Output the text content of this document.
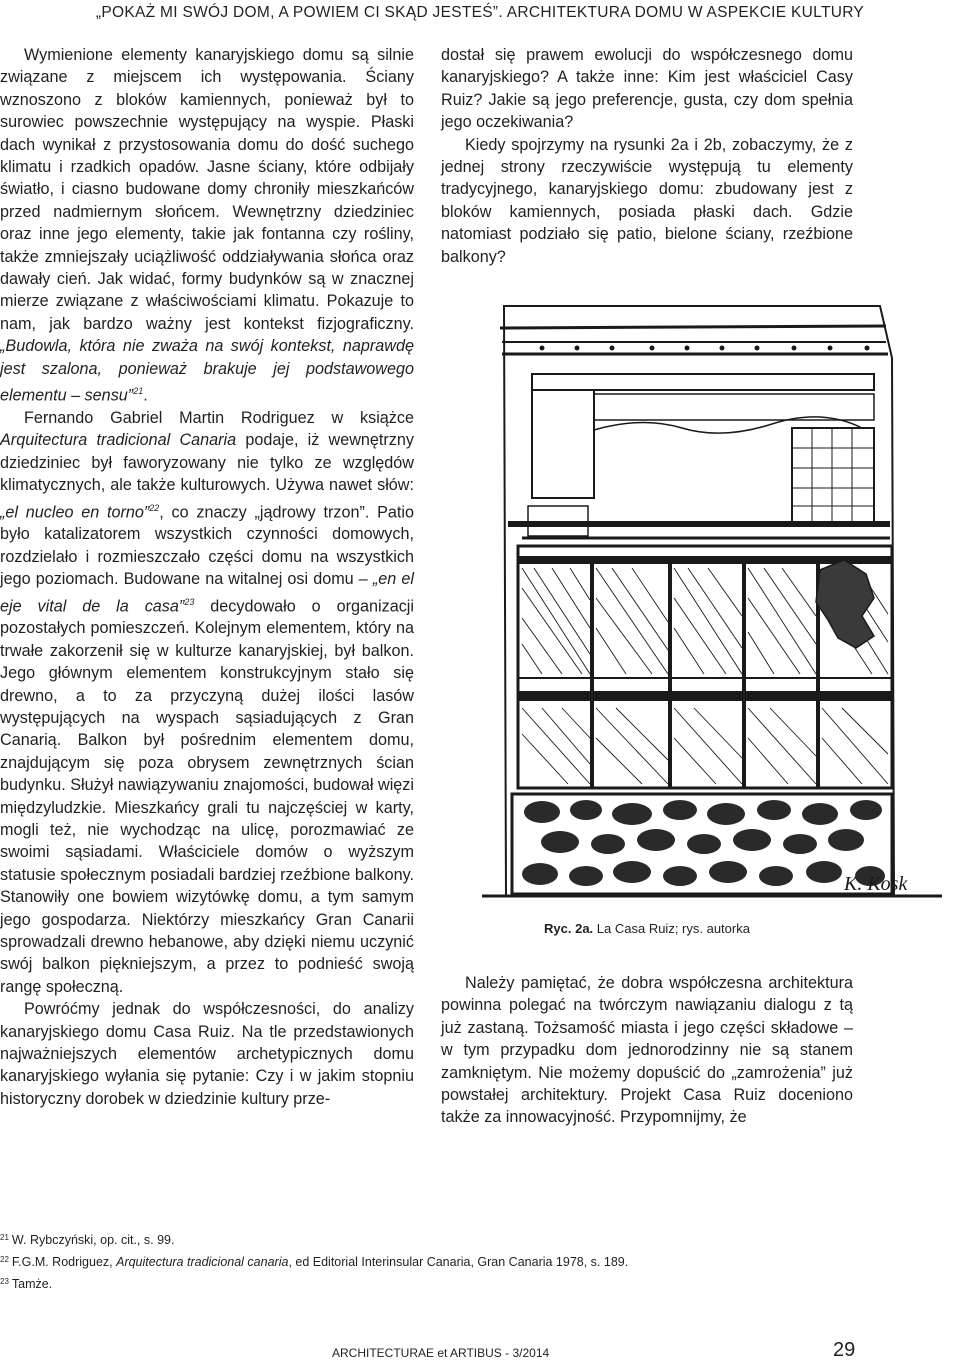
„POKAŻ MI SWÓJ DOM, A POWIEM CI SKĄD JESTEŚ”. ARCHITEKTURA DOMU W ASPEKCIE KULTURY

Wymienione elementy kanaryjskiego domu są silnie związane z miejscem ich występowania. Ściany wznoszono z bloków kamiennych, ponieważ był to surowiec powszechnie występujący na wyspie. Płaski dach wynikał z przystosowania domu do dość suchego klimatu i rzadkich opadów. Jasne ściany, które odbijały światło, i ciasno budowane domy chroniły mieszkańców przed nadmiernym słońcem. Wewnętrzny dziedziniec oraz inne jego elementy, takie jak fontanna czy rośliny, także zmniejszały uciążliwość oddziaływania słońca oraz dawały cień. Jak widać, formy budynków są w znacznej mierze związane z właściwościami klimatu. Pokazuje to nam, jak bardzo ważny jest kontekst fizjograficzny. „Budowla, która nie zważa na swój kontekst, naprawdę jest szalona, ponieważ brakuje jej podstawowego elementu – sensu”$^{21}$.

Fernando Gabriel Martin Rodriguez w książce Arquitectura tradicional Canaria podaje, iż wewnętrzny dziedziniec był faworyzowany nie tylko ze względów klimatycznych, ale także kulturowych. Używa nawet słów: „el nucleo en torno”$^{22}$, co znaczy „jądrowy trzon”. Patio było katalizatorem wszystkich czynności domowych, rozdzielało i rozmieszczało części domu na wszystkich jego poziomach. Budowane na witalnej osi domu – „en el eje vital de la casa”$^{23}$ decydowało o organizacji pozostałych pomieszczeń. Kolejnym elementem, który na trwałe zakorzenił się w kulturze kanaryjskiej, był balkon. Jego głównym elementem konstrukcyjnym stało się drewno, a to za przyczyną dużej ilości lasów występujących na wyspach sąsiadujących z Gran Canarią. Balkon był pośrednim elementem domu, znajdującym się poza obrysem zewnętrznych ścian budynku. Służył nawiązywaniu znajomości, budował więzi międzyludzkie. Mieszkańcy grali tu najczęściej w karty, mogli też, nie wychodząc na ulicę, porozmawiać ze swoimi sąsiadami. Właściciele domów o wyższym statusie społecznym posiadali bardziej rzeźbione balkony. Stanowiły one bowiem wizytówkę domu, a tym samym jego gospodarza. Niektórzy mieszkańcy Gran Canarii sprowadzali drewno hebanowe, aby dzięki niemu uczynić swój balkon piękniejszym, a przez to podnieść swoją rangę społeczną.

Powróćmy jednak do współczesności, do analizy kanaryjskiego domu Casa Ruiz. Na tle przedstawionych najważniejszych elementów archetypicznych domu kanaryjskiego wyłania się pytanie: Czy i w jakim stopniu historyczny dorobek w dziedzinie kultury prze-

dostał się prawem ewolucji do współczesnego domu kanaryjskiego? A także inne: Kim jest właściciel Casy Ruiz? Jakie są jego preferencje, gusta, czy dom spełnia jego oczekiwania?

Kiedy spojrzymy na rysunki 2a i 2b, zobaczymy, że z jednej strony rzeczywiście występują tu elementy tradycyjnego, kanaryjskiego domu: zbudowany jest z bloków kamiennych, posiada płaski dach. Gdzie natomiast podziało się patio, bielone ściany, rzeźbione balkony?

K. Kosk
Ryc. 2a. La Casa Ruiz; rys. autorka

Należy pamiętać, że dobra współczesna architektura powinna polegać na twórczym nawiązaniu dialogu z tą już zastaną. Tożsamość miasta i jego części składowe – w tym przypadku dom jednorodzinny nie są stanem zamkniętym. Nie możemy dopuścić do „zamrożenia” już powstałej architektury. Projekt Casa Ruiz doceniono także za innowacyjność. Przypomnijmy, że

$^{21}$ W. Rybczyński, op. cit., s. 99.
$^{22}$ F.G.M. Rodriguez, Arquitectura tradicional canaria, ed Editorial Interinsular Canaria, Gran Canaria 1978, s. 189.
$^{23}$ Tamże.
ARCHITECTURAE et ARTIBUS - 3/2014	29
